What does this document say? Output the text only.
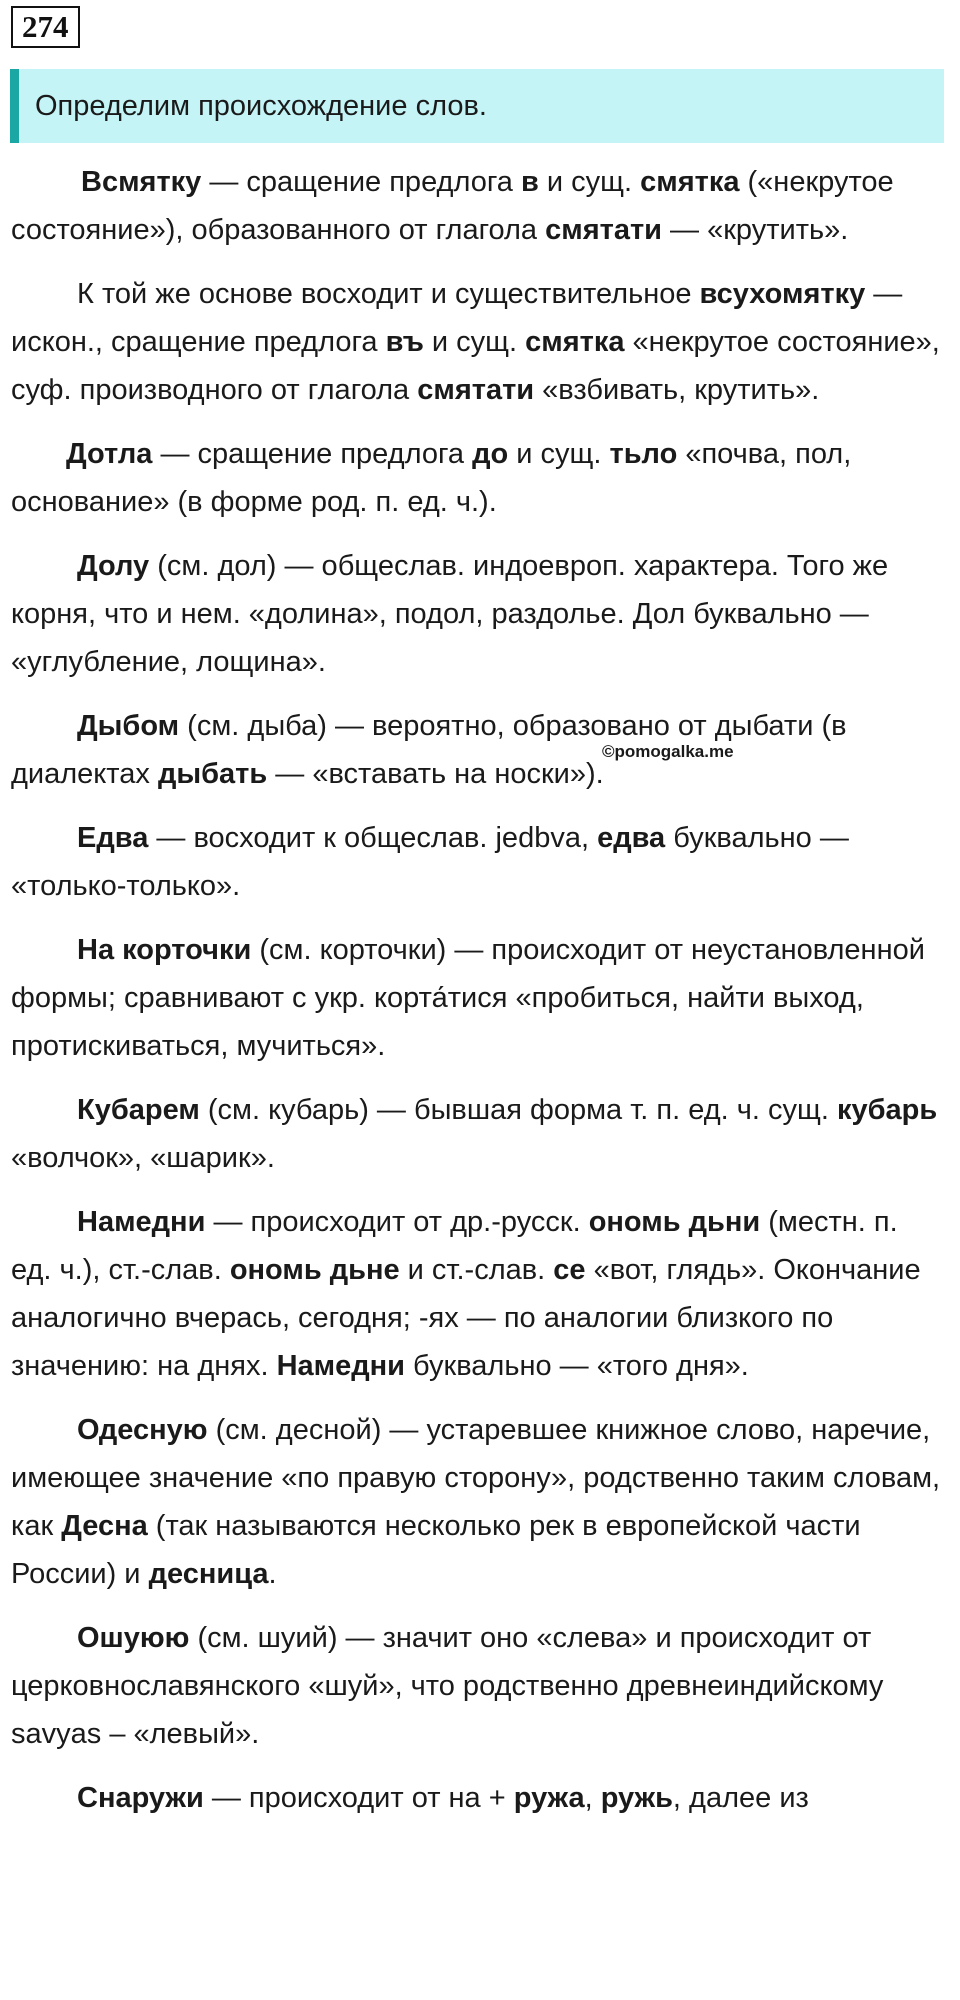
274
Определим происхождение слов.

Всмятку — сращение предлога в и сущ. смятка («некрутое состояние»), образованного от глагола смятати — «крутить».

К той же основе восходит и существительное всухомятку — искон., сращение предлога въ и сущ. смятка «некрутое состояние», суф. производного от глагола смятати «взбивать, крутить».

Дотла — сращение предлога до и сущ. тьло «почва, пол, основание» (в форме род. п. ед. ч.).

Долу (см. дол) — общеслав. индоевроп. характера. Того же корня, что и нем. «долина», подол, раздолье. Дол буквально — «углубление, лощина».

Дыбом (см. дыба) — вероятно, образовано от дыбати (в диалектах дыбать — «вставать на носки»).

Едва — восходит к общеслав. jedbva, едва буквально — «только-только».

На корточки (см. корточки) — происходит от неустановленной формы; сравнивают с укр. корта́тися «пробиться, найти выход, протискиваться, мучиться».

Кубарем (см. кубарь) — бывшая форма т. п. ед. ч. сущ. кубарь «волчок», «шарик».

Намедни — происходит от др.-русск. ономь дьни (местн. п. ед. ч.), ст.-слав. ономь дьне и ст.-слав. се «вот, глядь». Окончание аналогично вчерась, сегодня; -ях — по аналогии близкого по значению: на днях. Намедни буквально — «того дня».

Одесную (см. десной) — устаревшее книжное слово, наречие, имеющее значение «по правую сторону», родственно таким словам, как Десна (так называются несколько рек в европейской части России) и десница.

Ошуюю (см. шуий) — значит оно «слева» и происходит от церковнославянского «шуй», что родственно древнеиндийскому savyas – «левый».

Снаружи — происходит от на + ружа, ружь, далее из

©pomogalka.me
